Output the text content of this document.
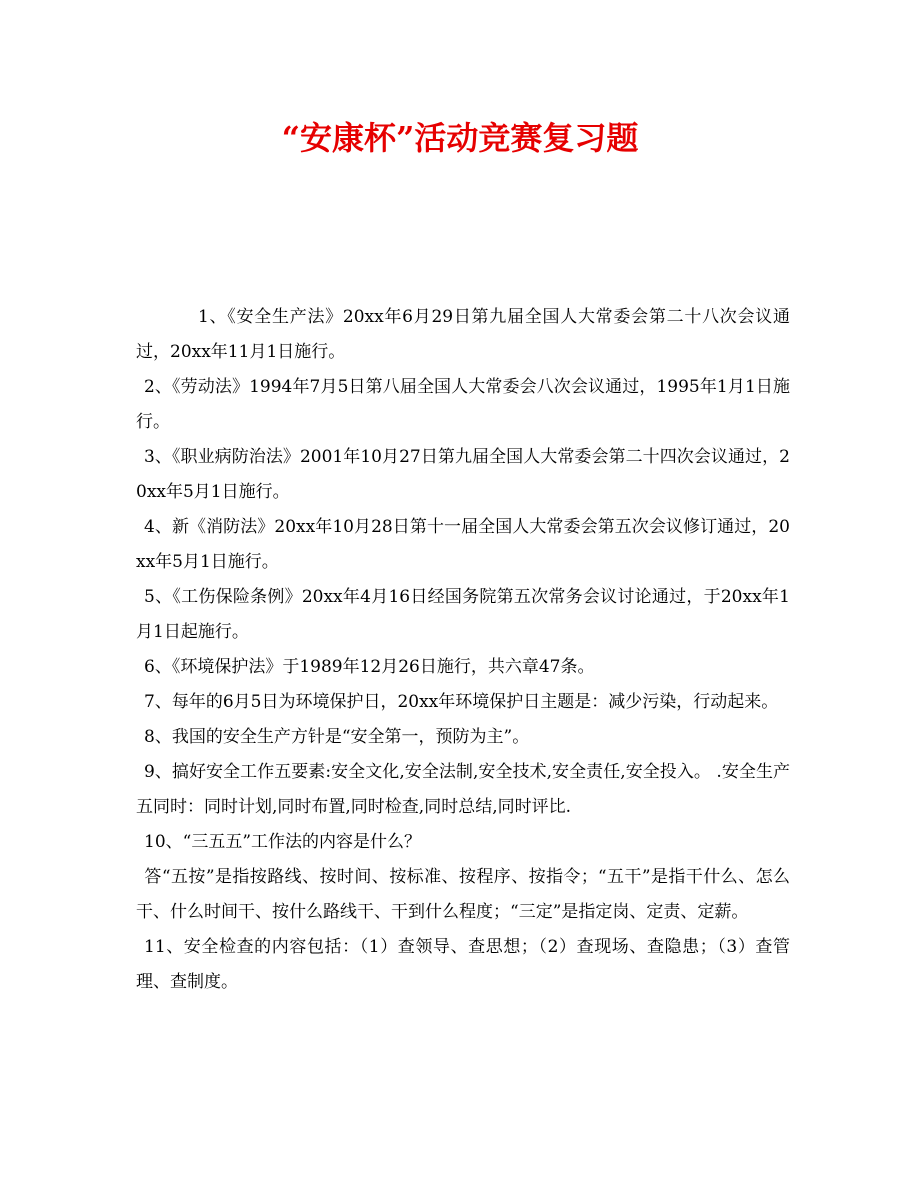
“安康杯”活动竞赛复习题

1、《安全生产法》20xx年6月29日第九届全国人大常委会第二十八次会议通过，20xx年11月1日施行。

2、《劳动法》1994年7月5日第八届全国人大常委会八次会议通过，1995年1月1日施行。

3、《职业病防治法》2001年10月27日第九届全国人大常委会第二十四次会议通过，20xx年5月1日施行。

4、新《消防法》20xx年10月28日第十一届全国人大常委会第五次会议修订通过，20xx年5月1日施行。

5、《工伤保险条例》20xx年4月16日经国务院第五次常务会议讨论通过，于20xx年1月1日起施行。

6、《环境保护法》于1989年12月26日施行，共六章47条。

7、每年的6月5日为环境保护日，20xx年环境保护日主题是：减少污染，行动起来。

8、我国的安全生产方针是“安全第一，预防为主”。

9、搞好安全工作五要素:安全文化,安全法制,安全技术,安全责任,安全投入。 .安全生产五同时：同时计划,同时布置,同时检查,同时总结,同时评比.

10、“三五五”工作法的内容是什么？

答“五按”是指按路线、按时间、按标准、按程序、按指令；“五干”是指干什么、怎么干、什么时间干、按什么路线干、干到什么程度；“三定”是指定岗、定责、定薪。

11、安全检查的内容包括：（1）查领导、查思想；（2）查现场、查隐患；（3）查管理、查制度。
